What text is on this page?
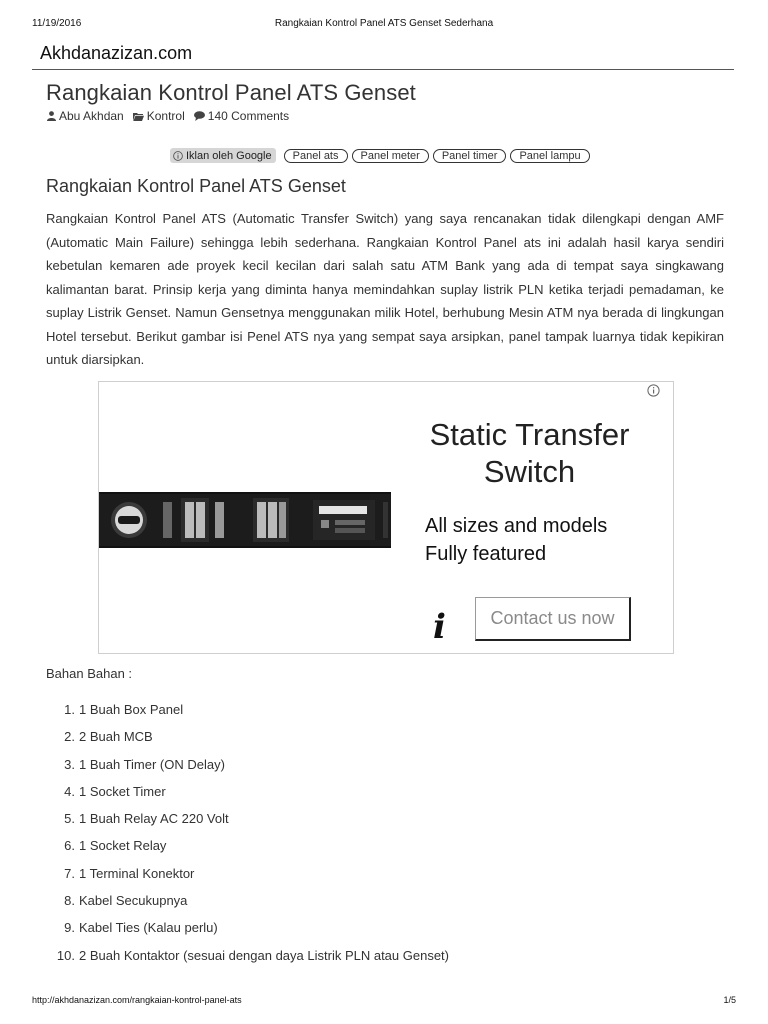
11/19/2016	Rangkaian Kontrol Panel ATS Genset Sederhana
Akhdanazizan.com
Rangkaian Kontrol Panel ATS Genset
Abu Akhdan Kontrol 140 Comments
Iklan oleh Google	Panel ats	Panel meter	Panel timer	Panel lampu
Rangkaian Kontrol Panel ATS Genset

Rangkaian Kontrol Panel ATS (Automatic Transfer Switch) yang saya rencanakan tidak dilengkapi dengan AMF (Automatic Main Failure) sehingga lebih sederhana. Rangkaian Kontrol Panel ats ini adalah hasil karya sendiri kebetulan kemaren ade proyek kecil kecilan dari salah satu ATM Bank yang ada di tempat saya singkawang kalimantan barat. Prinsip kerja yang diminta hanya memindahkan suplay listrik PLN ketika terjadi pemadaman, ke suplay Listrik Genset. Namun Gensetnya menggunakan milik Hotel, berhubung Mesin ATM nya berada di lingkungan Hotel tersebut. Berikut gambar isi Penel ATS nya yang sempat saya arsipkan, panel tampak luarnya tidak kepikiran untuk diarsipkan.

Static Transfer
Switch
All sizes and models
Fully featured
i	Contact us now
Bahan Bahan :
1. 1 Buah Box Panel
2. 2 Buah MCB
3. 1 Buah Timer (ON Delay)
4. 1 Socket Timer
5. 1 Buah Relay AC 220 Volt
6. 1 Socket Relay
7. 1 Terminal Konektor
8. Kabel Secukupnya
9. Kabel Ties (Kalau perlu)
10. 2 Buah Kontaktor (sesuai dengan daya Listrik PLN atau Genset)
http://akhdanazizan.com/rangkaian-kontrol-panel-ats	1/5
